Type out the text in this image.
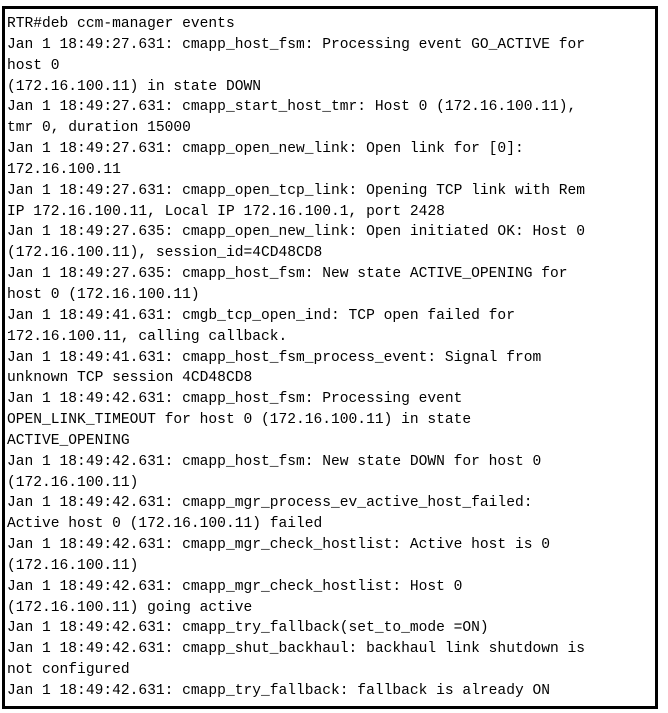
RTR#deb ccm-manager events
Jan 1 18:49:27.631: cmapp_host_fsm: Processing event GO_ACTIVE for
host 0
(172.16.100.11) in state DOWN
Jan 1 18:49:27.631: cmapp_start_host_tmr: Host 0 (172.16.100.11),
tmr 0, duration 15000
Jan 1 18:49:27.631: cmapp_open_new_link: Open link for [0]:
172.16.100.11
Jan 1 18:49:27.631: cmapp_open_tcp_link: Opening TCP link with Rem
IP 172.16.100.11, Local IP 172.16.100.1, port 2428
Jan 1 18:49:27.635: cmapp_open_new_link: Open initiated OK: Host 0
(172.16.100.11), session_id=4CD48CD8
Jan 1 18:49:27.635: cmapp_host_fsm: New state ACTIVE_OPENING for
host 0 (172.16.100.11)
Jan 1 18:49:41.631: cmgb_tcp_open_ind: TCP open failed for
172.16.100.11, calling callback.
Jan 1 18:49:41.631: cmapp_host_fsm_process_event: Signal from
unknown TCP session 4CD48CD8
Jan 1 18:49:42.631: cmapp_host_fsm: Processing event
OPEN_LINK_TIMEOUT for host 0 (172.16.100.11) in state
ACTIVE_OPENING
Jan 1 18:49:42.631: cmapp_host_fsm: New state DOWN for host 0
(172.16.100.11)
Jan 1 18:49:42.631: cmapp_mgr_process_ev_active_host_failed:
Active host 0 (172.16.100.11) failed
Jan 1 18:49:42.631: cmapp_mgr_check_hostlist: Active host is 0
(172.16.100.11)
Jan 1 18:49:42.631: cmapp_mgr_check_hostlist: Host 0
(172.16.100.11) going active
Jan 1 18:49:42.631: cmapp_try_fallback(set_to_mode =ON)
Jan 1 18:49:42.631: cmapp_shut_backhaul: backhaul link shutdown is
not configured
Jan 1 18:49:42.631: cmapp_try_fallback: fallback is already ON
